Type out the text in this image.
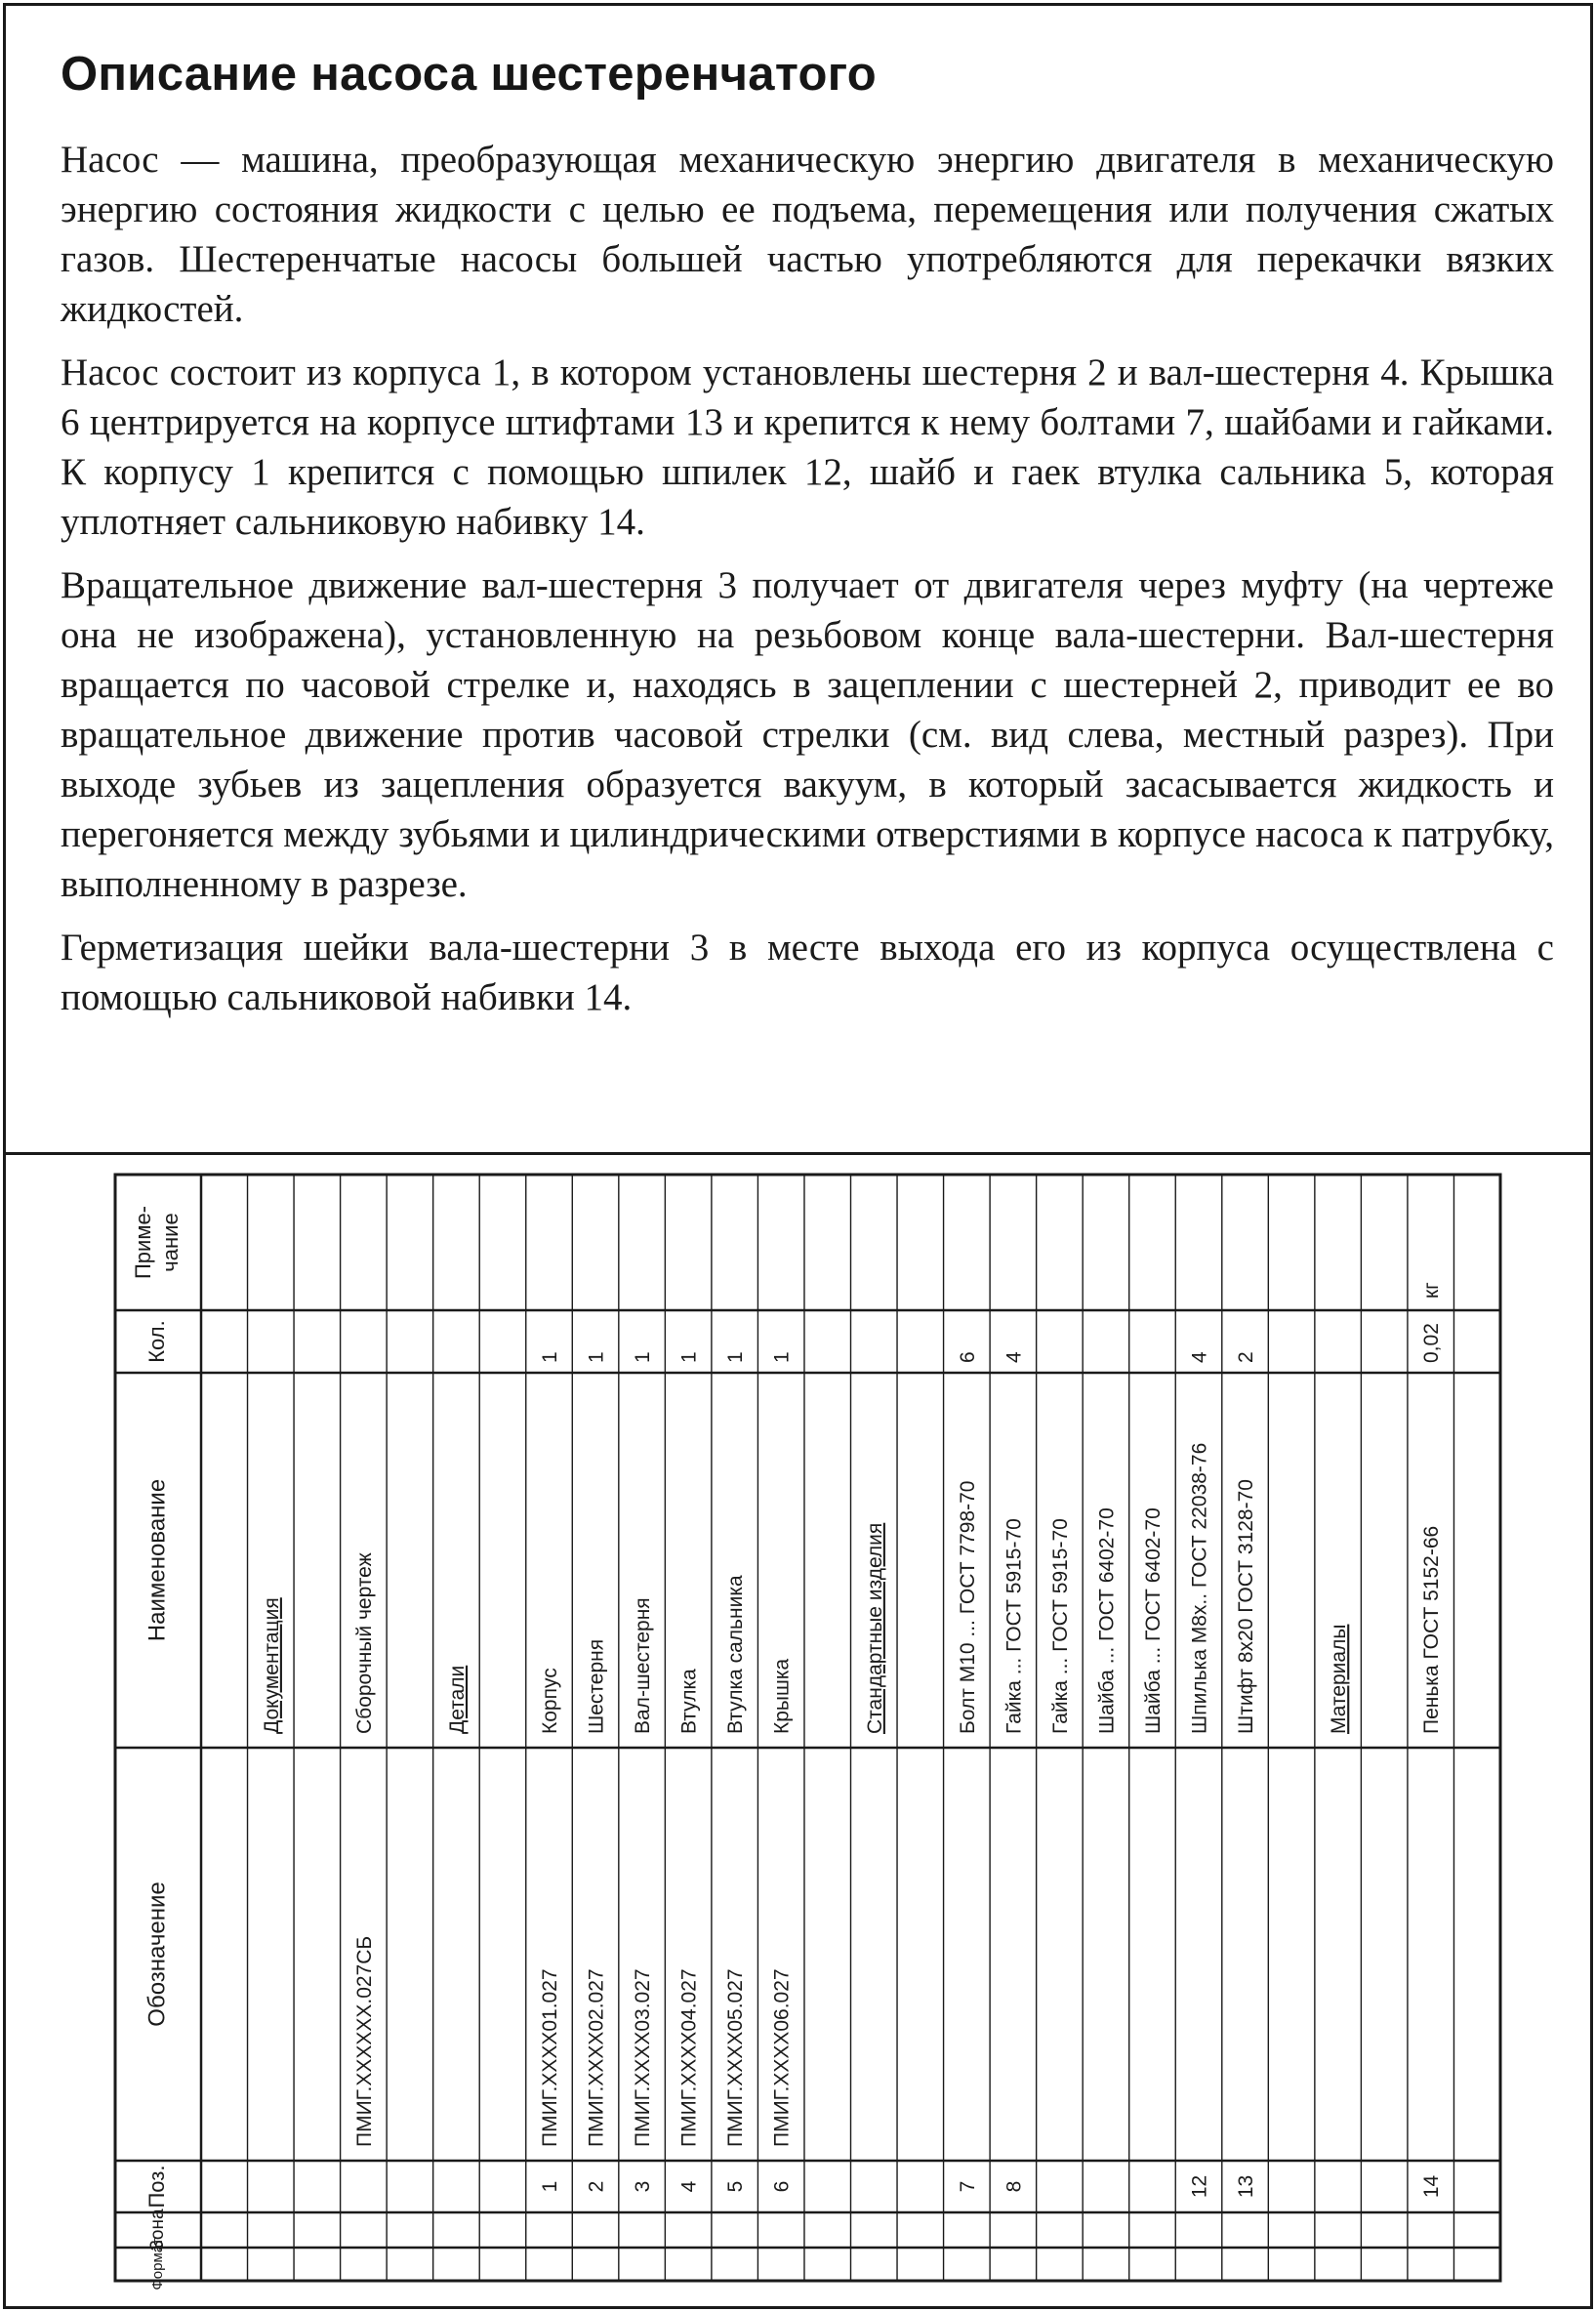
Описание насоса шестеренчатого

Насос — машина, преобразующая механическую энергию двигателя в механическую энергию состояния жидкости с целью ее подъема, перемещения или получения сжатых газов. Шестеренчатые насосы большей частью употребляются для перекачки вязких жидкостей.

Насос состоит из корпуса 1, в котором установлены шестерня 2 и вал-шестерня 4. Крышка 6 центрируется на корпусе штифтами 13 и крепится к нему болтами 7, шайбами и гайками. К корпусу 1 крепится с помощью шпилек 12, шайб и гаек втулка сальника 5, которая уплотняет сальниковую набивку 14.

Вращательное движение вал-шестерня 3 получает от двигателя через муфту (на чертеже она не изображена), установленную на резьбовом конце вала-шестерни. Вал-шестерня вращается по часовой стрелке и, находясь в зацеплении с шестерней 2, приводит ее во вращательное движение против часовой стрелки (см. вид слева, местный разрез). При выходе зубьев из зацепления образуется вакуум, в который засасывается жидкость и перегоняется между зубьями и цилиндрическими отверстиями в корпусе насоса к патрубку, выполненному в разрезе.

Герметизация шейки вала-шестерни 3 в месте выхода его из корпуса осуществлена с помощью сальниковой набивки 14.

Формат
Зона
Поз.
Обозначение
Наименование
Кол.
Приме- чание
Документация
ПМИГ.XXXXXX.027СБ
Сборочный чертеж	Детали
1
ПМИГ.XXXX01.027
Корпус
1
2
ПМИГ.XXXX02.027
Шестерня
1
3
ПМИГ.XXXX03.027
Вал-шестерня
1
4
ПМИГ.XXXX04.027
Втулка
1
5
ПМИГ.XXXX05.027
Втулка сальника
1
6
ПМИГ.XXXX06.027
Крышка
1
Стандартные изделия
7
Болт М10 ... ГОСТ 7798-70
6
8
Гайка ... ГОСТ 5915-70
4
Гайка ... ГОСТ 5915-70 Шайба ... ГОСТ 6402-70 Шайба ... ГОСТ 6402-70
12
Шпилька М8х.. ГОСТ 22038-76
4
13
Штифт 8х20 ГОСТ 3128-70
2
Материалы
14
Пенька ГОСТ 5152-66
0,02
кг
